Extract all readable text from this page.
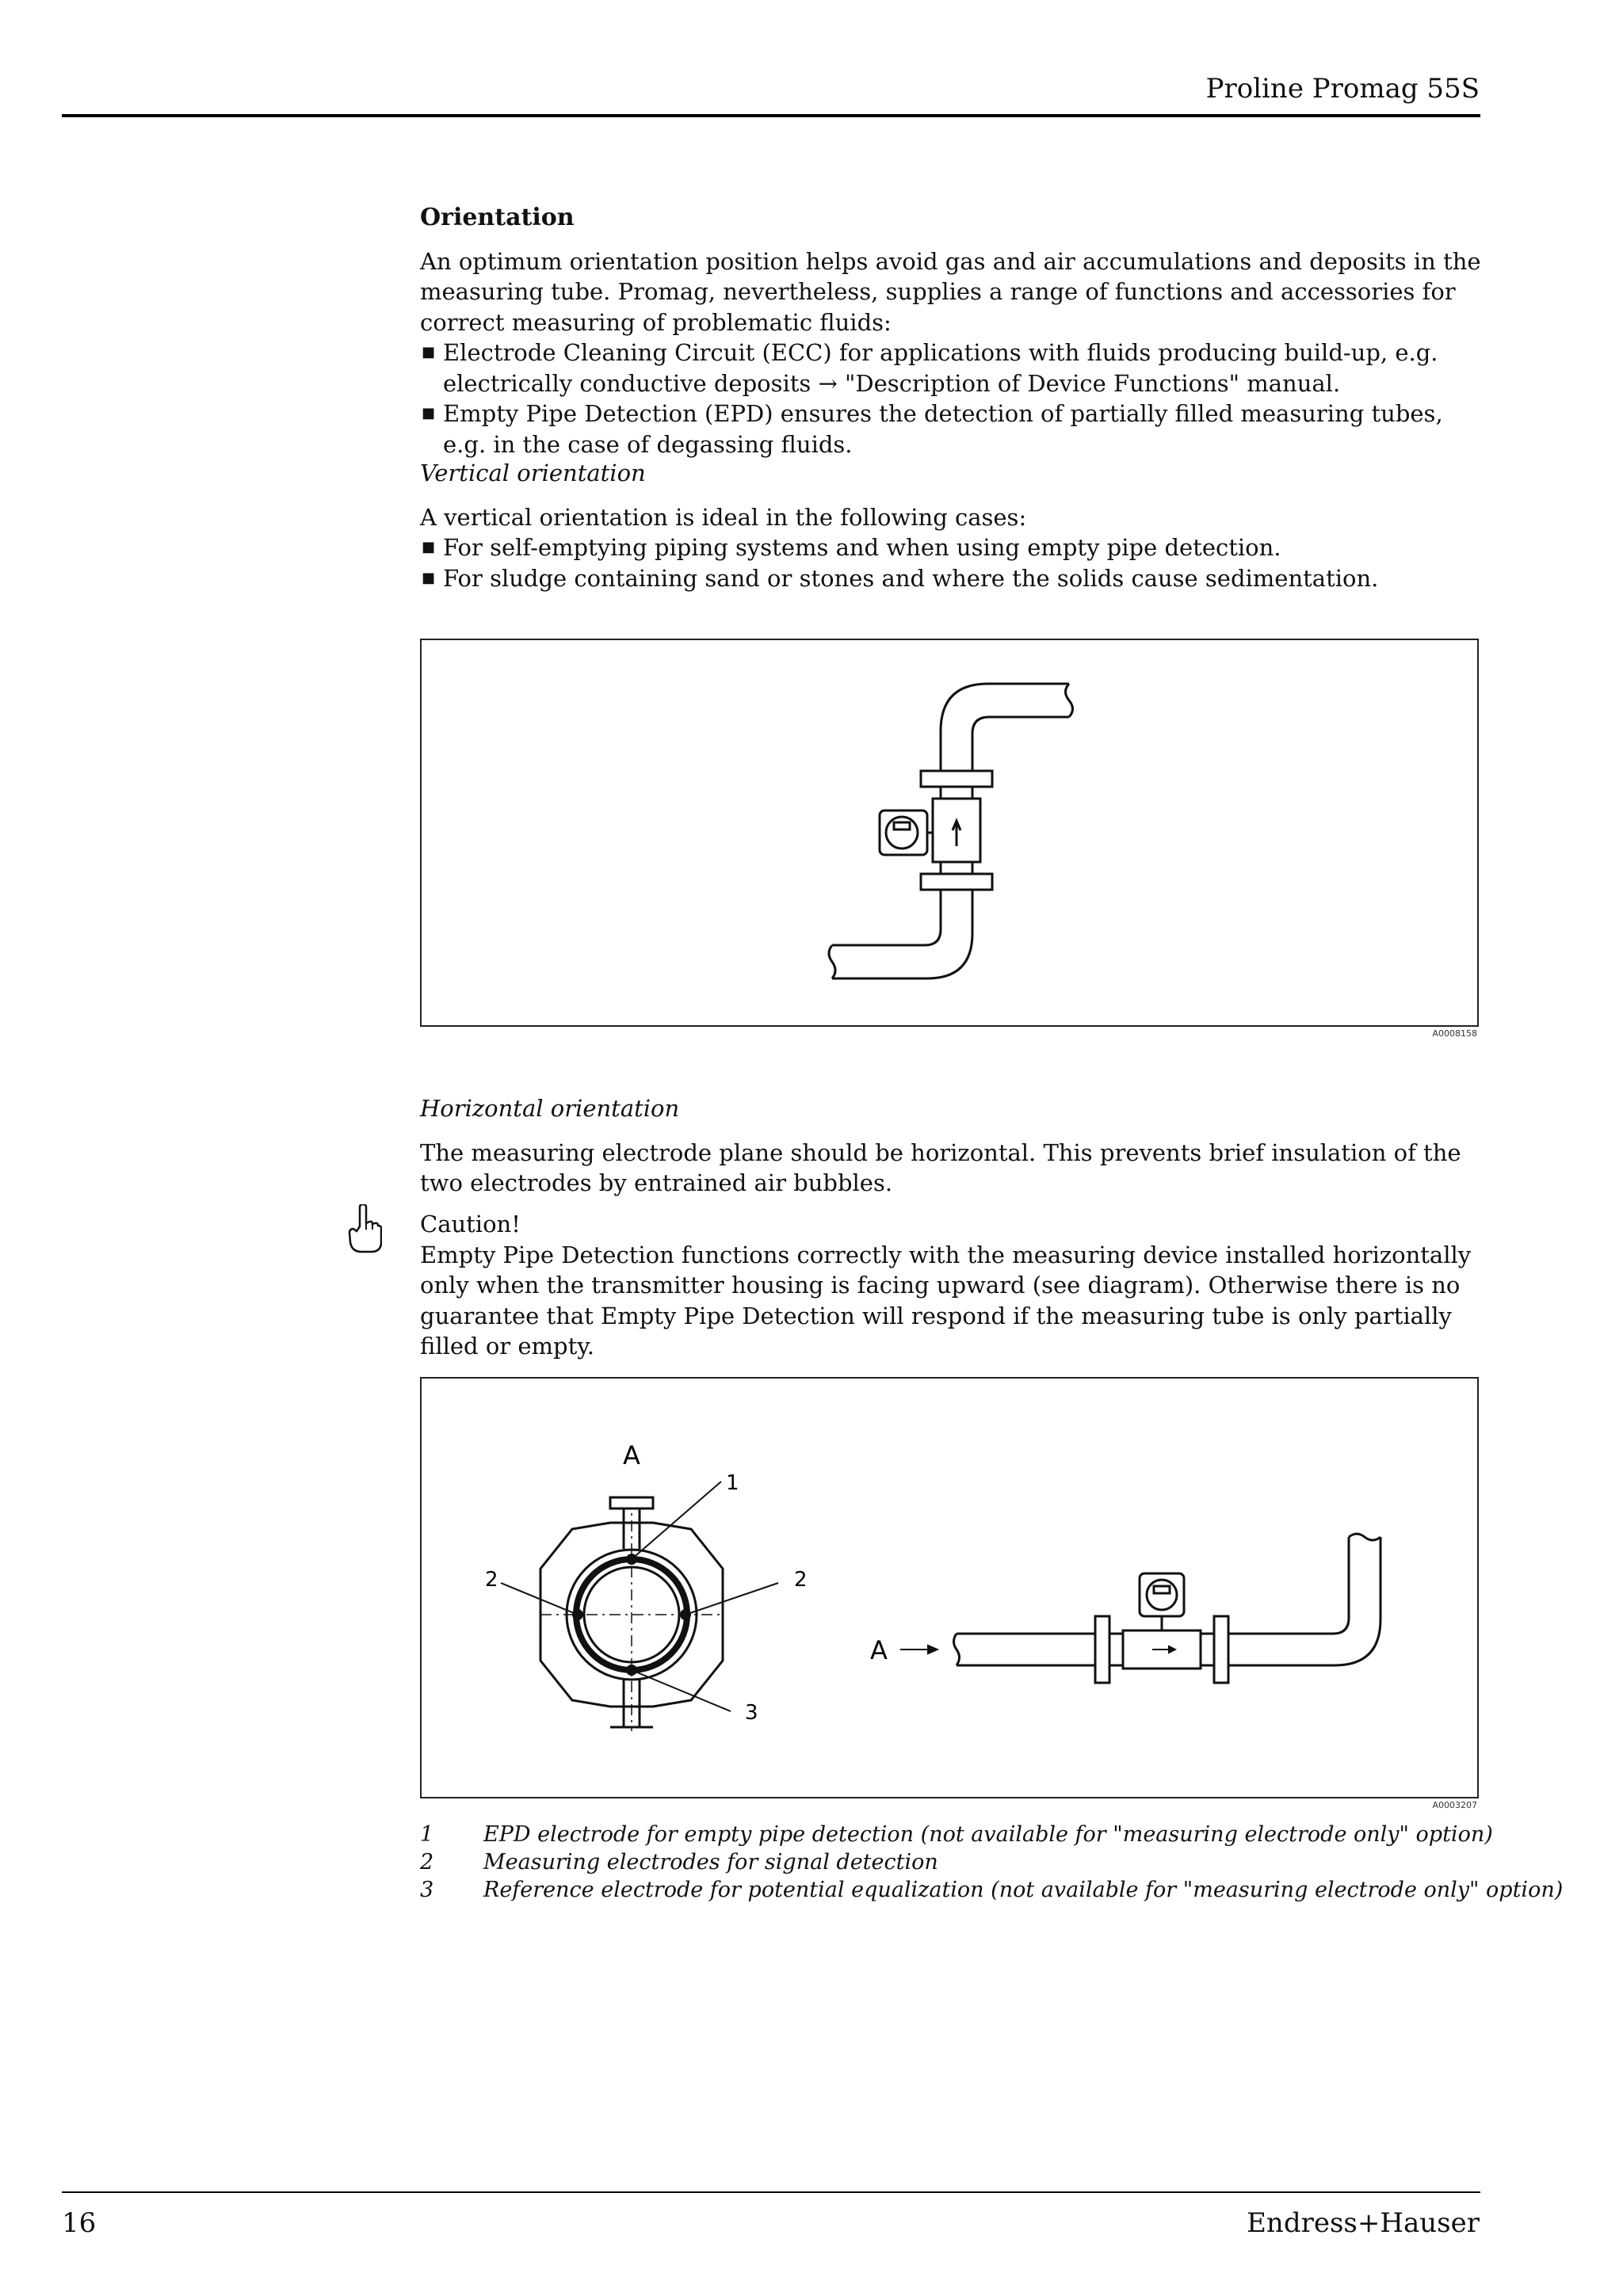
Proline Promag 55S
Orientation

An optimum orientation position helps avoid gas and air accumulations and deposits in the measuring tube. Promag, nevertheless, supplies a range of functions and accessories for correct measuring of problematic fluids:

■ Electrode Cleaning Circuit (ECC) for applications with fluids producing build-up, e.g. electrically conductive deposits → "Description of Device Functions" manual.
■ Empty Pipe Detection (EPD) ensures the detection of partially filled measuring tubes, e.g. in the case of degassing fluids.

Vertical orientation

A vertical orientation is ideal in the following cases:

■ For self-emptying piping systems and when using empty pipe detection.
■ For sludge containing sand or stones and where the solids cause sedimentation.
A0008158

Horizontal orientation

The measuring electrode plane should be horizontal. This prevents brief insulation of the two electrodes by entrained air bubbles.

Caution!

Empty Pipe Detection functions correctly with the measuring device installed horizontally only when the transmitter housing is facing upward (see diagram). Otherwise there is no guarantee that Empty Pipe Detection will respond if the measuring tube is only partially filled or empty.

A
1
2	2
3
A
A0003207
1	EPD electrode for empty pipe detection (not available for "measuring electrode only" option)
2	Measuring electrodes for signal detection
3	Reference electrode for potential equalization (not available for "measuring electrode only" option)
16	Endress+Hauser
